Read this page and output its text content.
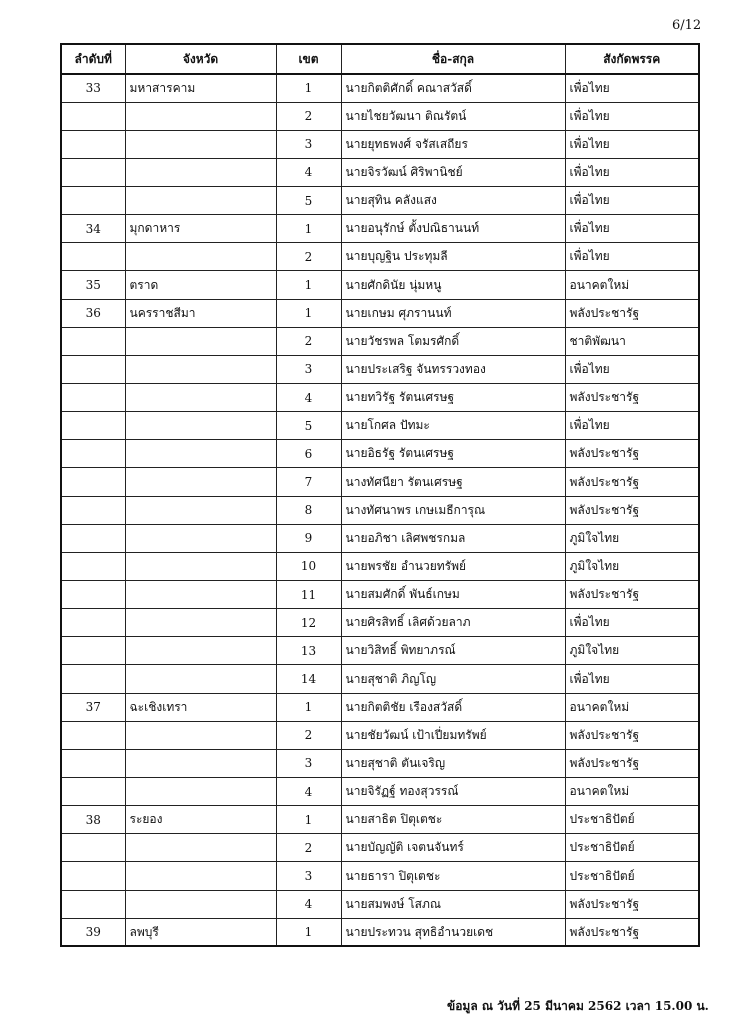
6/12
ลำดับที่	จังหวัด	เขต	ชื่อ-สกุล	สังกัดพรรค
33	มหาสารคาม	1	นายกิตติศักดิ์ คณาสวัสดิ์	เพื่อไทย
		2	นายไชยวัฒนา ติณรัตน์	เพื่อไทย
		3	นายยุทธพงศ์ จรัสเสถียร	เพื่อไทย
		4	นายจิรวัฒน์ ศิริพานิชย์	เพื่อไทย
		5	นายสุทิน คลังแสง	เพื่อไทย
34	มุกดาหาร	1	นายอนุรักษ์ ตั้งปณิธานนท์	เพื่อไทย
		2	นายบุญฐิน ประทุมลี	เพื่อไทย
35	ตราด	1	นายศักดินัย นุ่มหนู	อนาคตใหม่
36	นครราชสีมา	1	นายเกษม ศุภรานนท์	พลังประชารัฐ
		2	นายวัชรพล โตมรศักดิ์	ชาติพัฒนา
		3	นายประเสริฐ จันทรรวงทอง	เพื่อไทย
		4	นายทวิรัฐ รัตนเศรษฐ	พลังประชารัฐ
		5	นายโกศล ปัทมะ	เพื่อไทย
		6	นายอิธรัฐ รัตนเศรษฐ	พลังประชารัฐ
		7	นางทัศนียา รัตนเศรษฐ	พลังประชารัฐ
		8	นางทัศนาพร เกษเมธีการุณ	พลังประชารัฐ
		9	นายอภิชา เลิศพชรกมล	ภูมิใจไทย
		10	นายพรชัย อำนวยทรัพย์	ภูมิใจไทย
		11	นายสมศักดิ์ พันธ์เกษม	พลังประชารัฐ
		12	นายศิรสิทธิ์ เลิศด้วยลาภ	เพื่อไทย
		13	นายวิสิทธิ์ พิทยาภรณ์	ภูมิใจไทย
		14	นายสุชาติ ภิญโญ	เพื่อไทย
37	ฉะเชิงเทรา	1	นายกิตติชัย เรืองสวัสดิ์	อนาคตใหม่
		2	นายชัยวัฒน์ เป้าเปี่ยมทรัพย์	พลังประชารัฐ
		3	นายสุชาติ ตันเจริญ	พลังประชารัฐ
		4	นายจิรัฏฐ์ ทองสุวรรณ์	อนาคตใหม่
38	ระยอง	1	นายสาธิต ปิตุเตชะ	ประชาธิปัตย์
		2	นายบัญญัติ เจตนจันทร์	ประชาธิปัตย์
		3	นายธารา ปิตุเตชะ	ประชาธิปัตย์
		4	นายสมพงษ์ โสภณ	พลังประชารัฐ
39	ลพบุรี	1	นายประทวน สุทธิอำนวยเดช	พลังประชารัฐ
ข้อมูล ณ วันที่ 25 มีนาคม 2562 เวลา 15.00 น.
